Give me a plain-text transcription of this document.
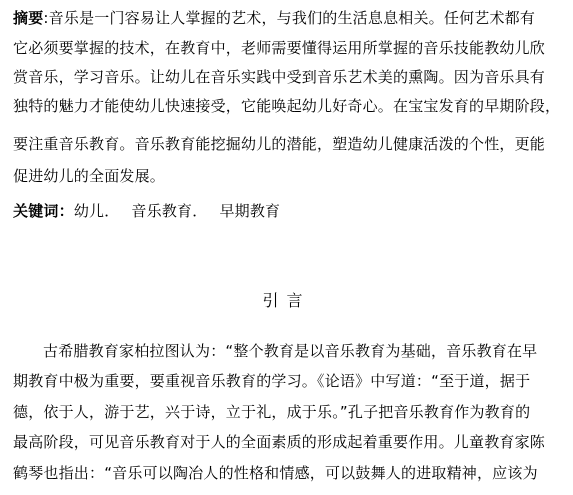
摘要:音乐是一门容易让人掌握的艺术，与我们的生活息息相关。任何艺术都有
它必须要掌握的技术，在教育中，老师需要懂得运用所掌握的音乐技能教幼儿欣
赏音乐，学习音乐。让幼儿在音乐实践中受到音乐艺术美的熏陶。因为音乐具有
独特的魅力才能使幼儿快速接受，它能唤起幼儿好奇心。在宝宝发育的早期阶段，
要注重音乐教育。音乐教育能挖掘幼儿的潜能，塑造幼儿健康活泼的个性，更能
促进幼儿的全面发展。
关键词：幼儿． 音乐教育． 早期教育
引言
古希腊教育家柏拉图认为：“整个教育是以音乐教育为基础，音乐教育在早
期教育中极为重要，要重视音乐教育的学习。《论语》中写道：“至于道，据于
德，依于人，游于艺，兴于诗，立于礼，成于乐。”孔子把音乐教育作为教育的
最高阶段，可见音乐教育对于人的全面素质的形成起着重要作用。儿童教育家陈
鹤琴也指出：“音乐可以陶冶人的性格和情感，可以鼓舞人的进取精神，应该为
